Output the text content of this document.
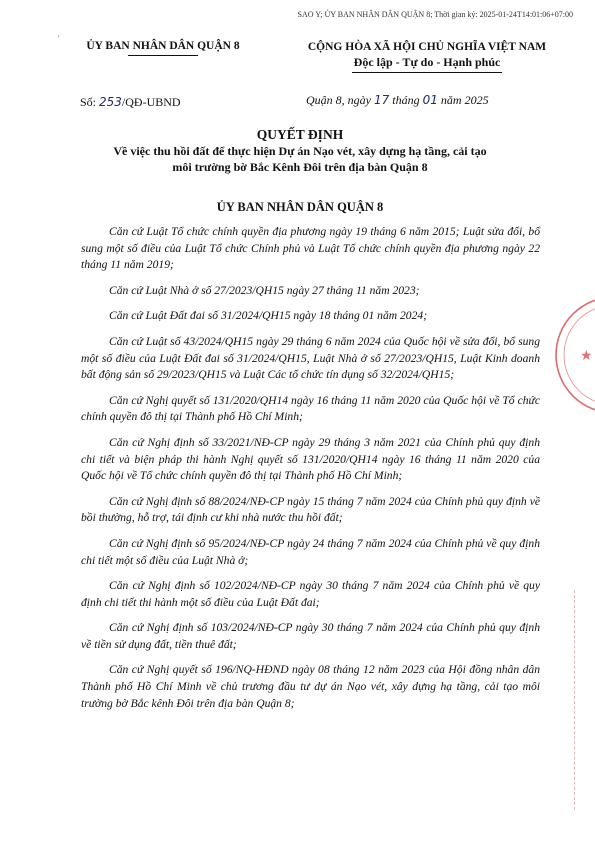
SAO Y; ỦY BAN NHÂN DÂN QUẬN 8; Thời gian ký: 2025-01-24T14:01:06+07:00
'
ỦY BAN NHÂN DÂN QUẬN 8	CỘNG HÒA XÃ HỘI CHỦ NGHĨA VIỆT NAM
Độc lập - Tự do - Hạnh phúc
Số: 253/QĐ-UBND	Quận 8, ngày 17 tháng 01 năm 2025
QUYẾT ĐỊNH
Về việc thu hồi đất để thực hiện Dự án Nạo vét, xây dựng hạ tầng, cải tạo
môi trường bờ Bắc Kênh Đôi trên địa bàn Quận 8
ỦY BAN NHÂN DÂN QUẬN 8

Căn cứ Luật Tổ chức chính quyền địa phương ngày 19 tháng 6 năm 2015; Luật sửa đổi, bổ sung một số điều của Luật Tổ chức Chính phủ và Luật Tổ chức chính quyền địa phương ngày 22 tháng 11 năm 2019;

Căn cứ Luật Nhà ở số 27/2023/QH15 ngày 27 tháng 11 năm 2023;

Căn cứ Luật Đất đai số 31/2024/QH15 ngày 18 tháng 01 năm 2024;

Căn cứ Luật số 43/2024/QH15 ngày 29 tháng 6 năm 2024 của Quốc hội về sửa đổi, bổ sung một số điều của Luật Đất đai số 31/2024/QH15, Luật Nhà ở số 27/2023/QH15, Luật Kinh doanh bất động sản số 29/2023/QH15 và Luật Các tổ chức tín dụng số 32/2024/QH15;

Căn cứ Nghị quyết số 131/2020/QH14 ngày 16 tháng 11 năm 2020 của Quốc hội về Tổ chức chính quyền đô thị tại Thành phố Hồ Chí Minh;

Căn cứ Nghị định số 33/2021/NĐ-CP ngày 29 tháng 3 năm 2021 của Chính phủ quy định chi tiết và biện pháp thi hành Nghị quyết số 131/2020/QH14 ngày 16 tháng 11 năm 2020 của Quốc hội về Tổ chức chính quyền đô thị tại Thành phố Hồ Chí Minh;

Căn cứ Nghị định số 88/2024/NĐ-CP ngày 15 tháng 7 năm 2024 của Chính phủ quy định về bồi thường, hỗ trợ, tái định cư khi nhà nước thu hồi đất;

Căn cứ Nghị định số 95/2024/NĐ-CP ngày 24 tháng 7 năm 2024 của Chính phủ về quy định chi tiết một số điều của Luật Nhà ở;

Căn cứ Nghị định số 102/2024/NĐ-CP ngày 30 tháng 7 năm 2024 của Chính phủ về quy định chi tiết thi hành một số điều của Luật Đất đai;

Căn cứ Nghị định số 103/2024/NĐ-CP ngày 30 tháng 7 năm 2024 của Chính phủ quy định về tiền sử dụng đất, tiền thuê đất;

Căn cứ Nghị quyết số 196/NQ-HĐND ngày 08 tháng 12 năm 2023 của Hội đồng nhân dân Thành phố Hồ Chí Minh về chủ trương đầu tư dự án Nạo vét, xây dựng hạ tầng, cải tạo môi trường bờ Bắc kênh Đôi trên địa bàn Quận 8;

★
